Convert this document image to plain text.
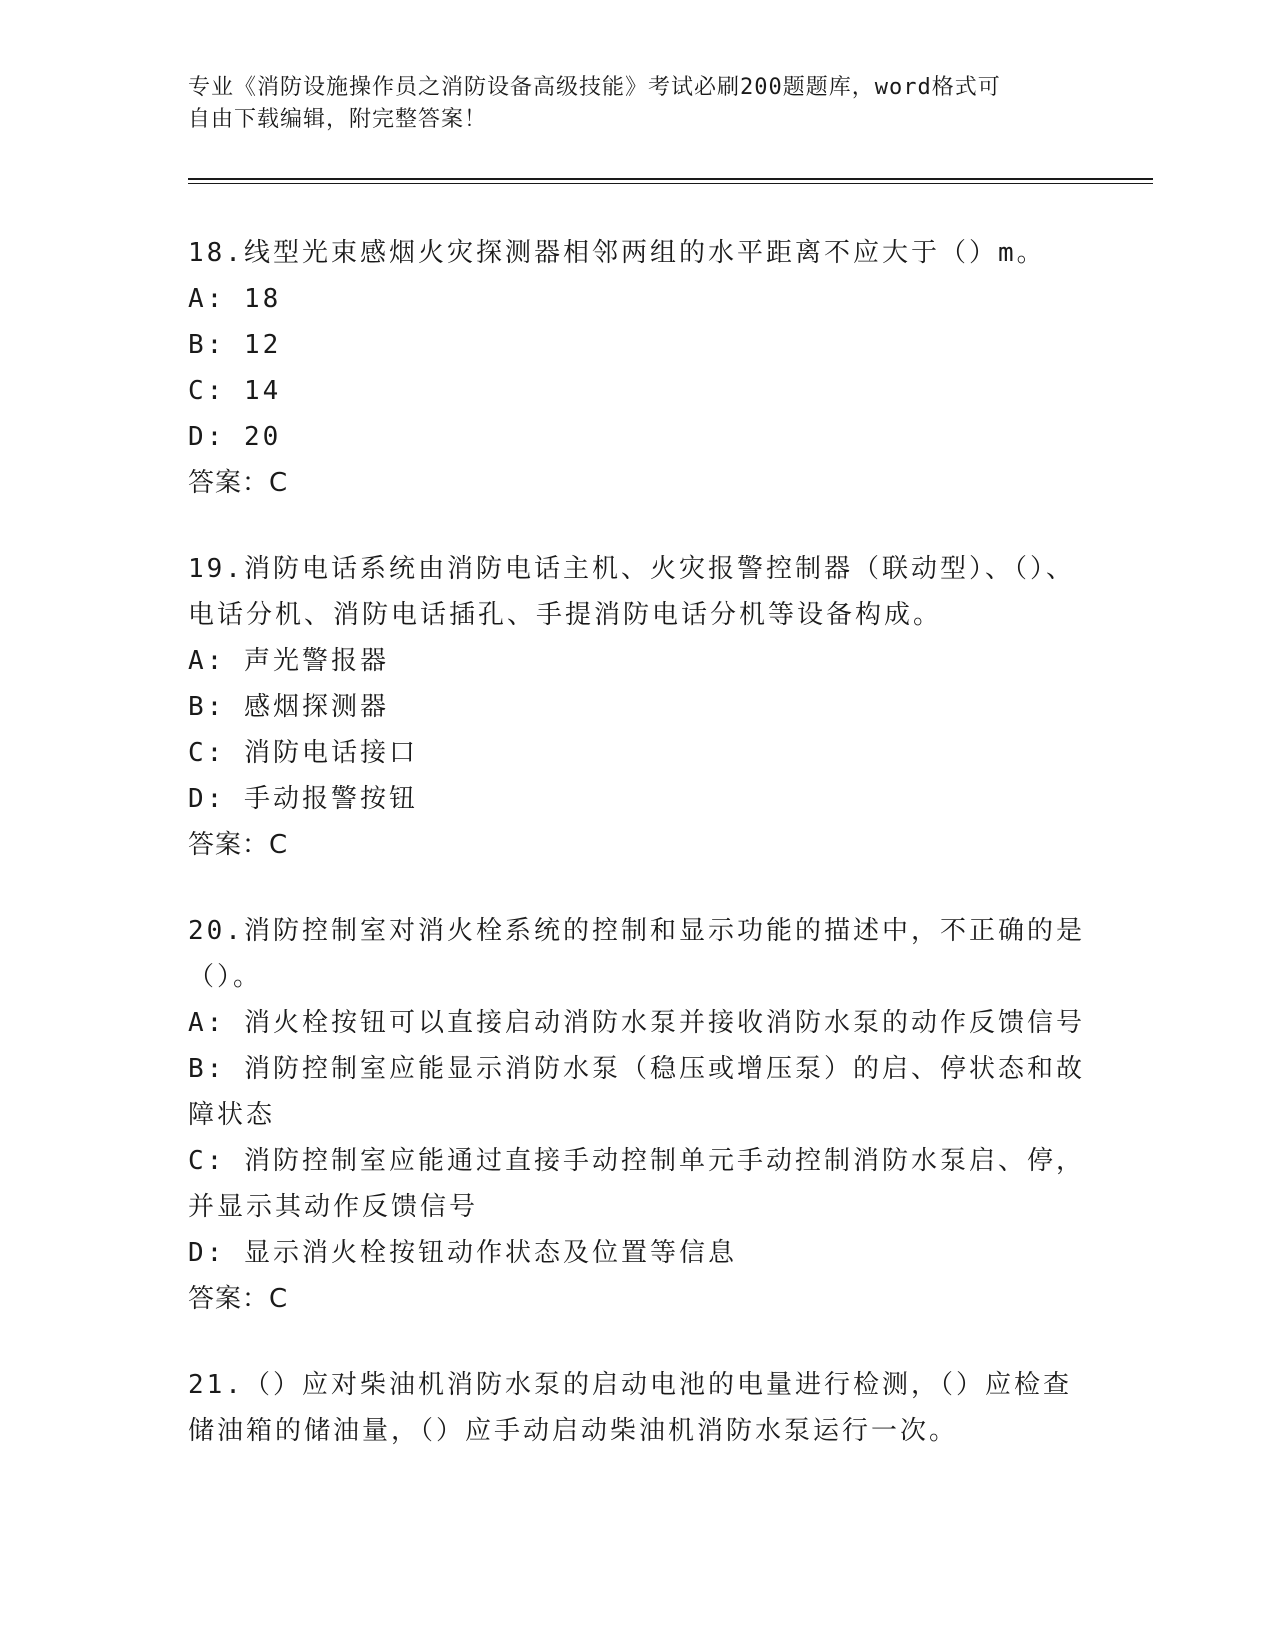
专业《消防设施操作员之消防设备高级技能》考试必刷200题题库，word格式可
自由下载编辑，附完整答案！
18.线型光束感烟火灾探测器相邻两组的水平距离不应大于（）m。
A: 18
B: 12
C: 14
D: 20
答案：C
19.消防电话系统由消防电话主机、火灾报警控制器（联动型）、（）、电话分机、消防电话插孔、手提消防电话分机等设备构成。
A: 声光警报器
B: 感烟探测器
C: 消防电话接口
D: 手动报警按钮
答案：C
20.消防控制室对消火栓系统的控制和显示功能的描述中，不正确的是（）。
A: 消火栓按钮可以直接启动消防水泵并接收消防水泵的动作反馈信号
B: 消防控制室应能显示消防水泵（稳压或增压泵）的启、停状态和故障状态
C: 消防控制室应能通过直接手动控制单元手动控制消防水泵启、停，并显示其动作反馈信号
D: 显示消火栓按钮动作状态及位置等信息
答案：C
21.（）应对柴油机消防水泵的启动电池的电量进行检测，（）应检查储油箱的储油量，（）应手动启动柴油机消防水泵运行一次。
